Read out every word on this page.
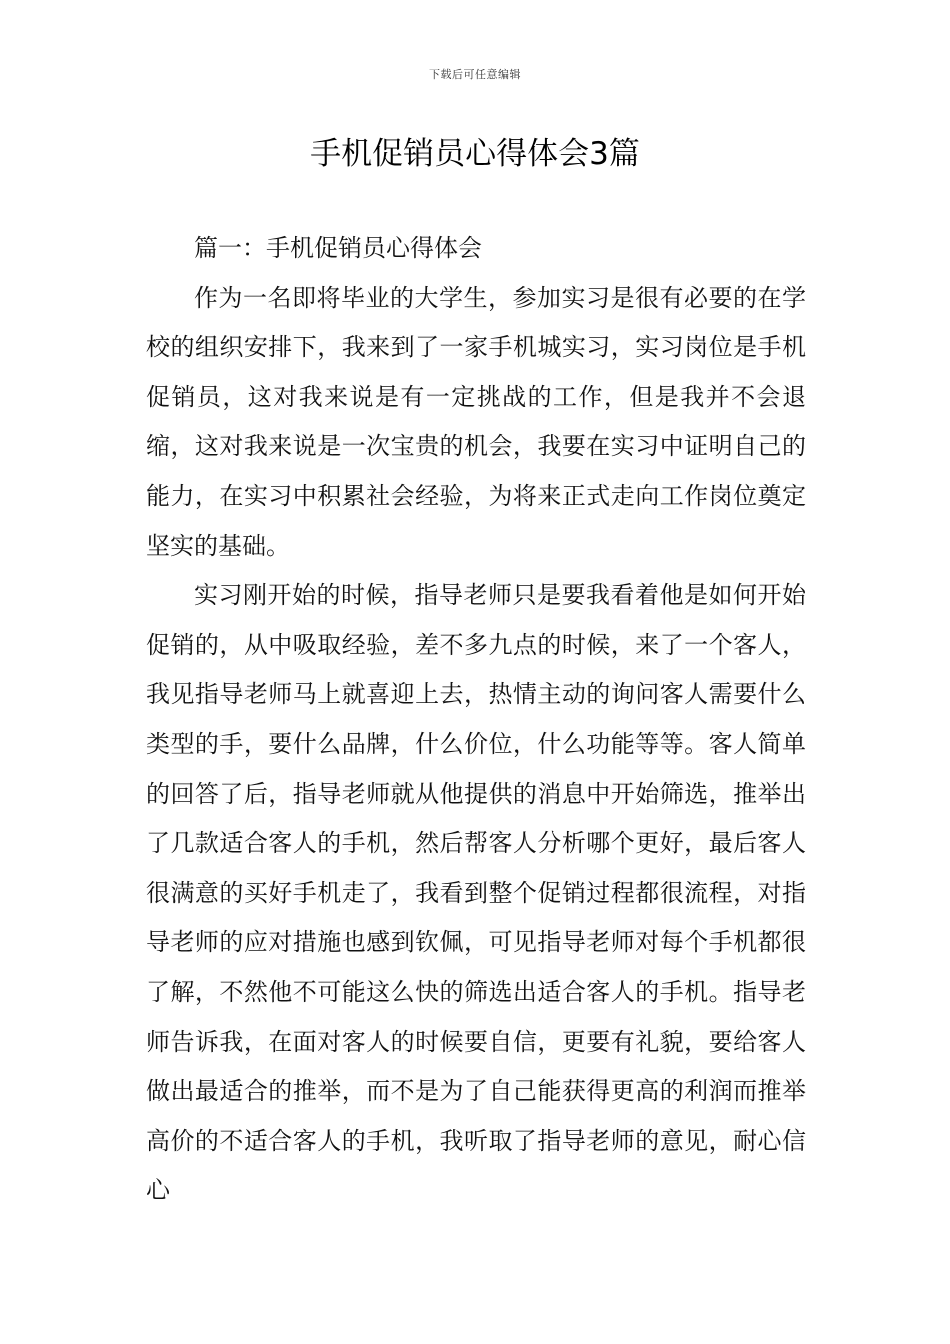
下载后可任意编辑
手机促销员心得体会3篇

篇一：手机促销员心得体会

作为一名即将毕业的大学生，参加实习是很有必要的在学校的组织安排下，我来到了一家手机城实习，实习岗位是手机促销员，这对我来说是有一定挑战的工作，但是我并不会退缩，这对我来说是一次宝贵的机会，我要在实习中证明自己的能力，在实习中积累社会经验，为将来正式走向工作岗位奠定坚实的基础。

实习刚开始的时候，指导老师只是要我看着他是如何开始促销的，从中吸取经验，差不多九点的时候，来了一个客人，我见指导老师马上就喜迎上去，热情主动的询问客人需要什么类型的手，要什么品牌，什么价位，什么功能等等。客人简单的回答了后，指导老师就从他提供的消息中开始筛选，推举出了几款适合客人的手机，然后帮客人分析哪个更好，最后客人很满意的买好手机走了，我看到整个促销过程都很流程，对指导老师的应对措施也感到钦佩，可见指导老师对每个手机都很了解，不然他不可能这么快的筛选出适合客人的手机。指导老师告诉我，在面对客人的时候要自信，更要有礼貌，要给客人做出最适合的推举，而不是为了自己能获得更高的利润而推举高价的不适合客人的手机，我听取了指导老师的意见，耐心信心
